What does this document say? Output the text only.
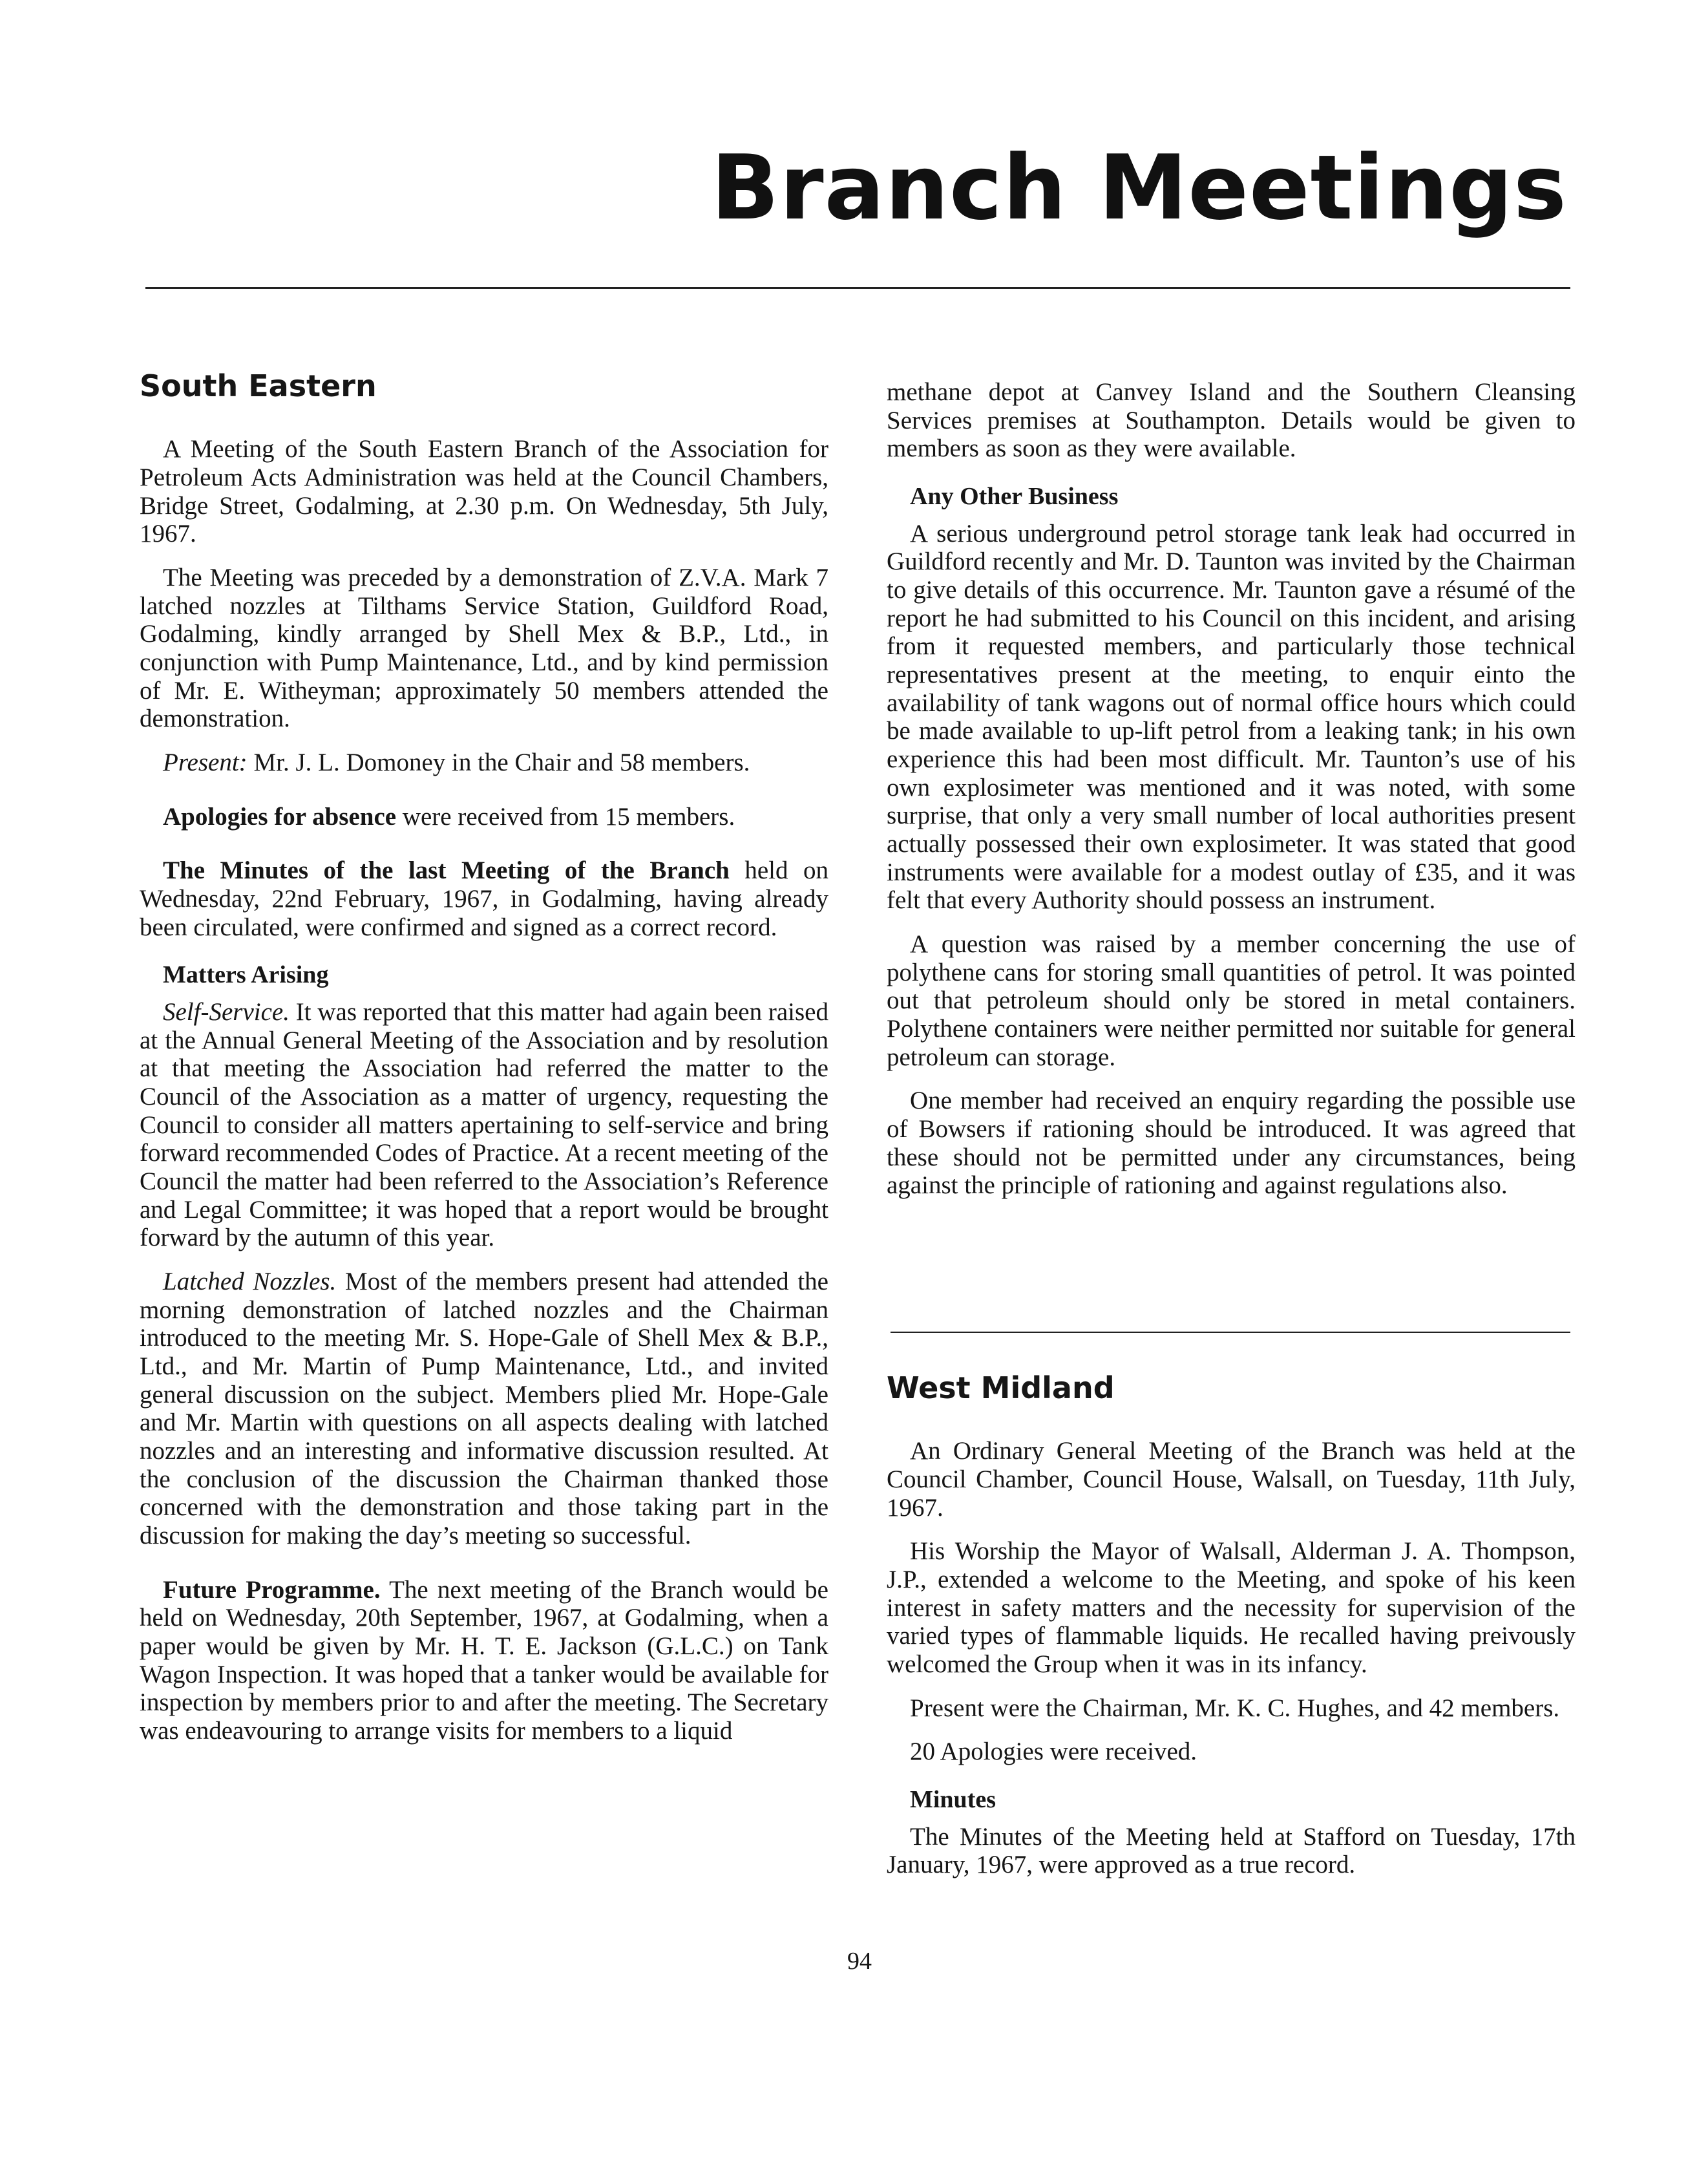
Branch Meetings
South Eastern

A Meeting of the South Eastern Branch of the Association for Petroleum Acts Administration was held at the Council Chambers, Bridge Street, Godalming, at 2.30 p.m. On Wednesday, 5th July, 1967.

The Meeting was preceded by a demonstration of Z.V.A. Mark 7 latched nozzles at Tilthams Service Station, Guildford Road, Godalming, kindly arranged by Shell Mex & B.P., Ltd., in conjunction with Pump Maintenance, Ltd., and by kind permission of Mr. E. Witheyman; approximately 50 members attended the demonstration.

Present: Mr. J. L. Domoney in the Chair and 58 members.

Apologies for absence were received from 15 members.

The Minutes of the last Meeting of the Branch held on Wednesday, 22nd February, 1967, in Godalming, having already been circulated, were confirmed and signed as a correct record.

Matters Arising

Self-Service. It was reported that this matter had again been raised at the Annual General Meeting of the Association and by resolution at that meeting the Association had referred the matter to the Council of the Association as a matter of urgency, requesting the Council to consider all matters apertaining to self-service and bring forward recommended Codes of Practice. At a recent meeting of the Council the matter had been referred to the Association’s Reference and Legal Committee; it was hoped that a report would be brought forward by the autumn of this year.

Latched Nozzles. Most of the members present had attended the morning demonstration of latched nozzles and the Chairman introduced to the meeting Mr. S. Hope-Gale of Shell Mex & B.P., Ltd., and Mr. Martin of Pump Maintenance, Ltd., and invited general discussion on the subject. Members plied Mr. Hope-Gale and Mr. Martin with questions on all aspects dealing with latched nozzles and an interesting and informative discussion resulted. At the conclusion of the discussion the Chairman thanked those concerned with the demonstration and those taking part in the discussion for making the day’s meeting so successful.

Future Programme. The next meeting of the Branch would be held on Wednesday, 20th September, 1967, at Godalming, when a paper would be given by Mr. H. T. E. Jackson (G.L.C.) on Tank Wagon Inspection. It was hoped that a tanker would be available for inspection by members prior to and after the meeting. The Secretary was endeavouring to arrange visits for members to a liquid

methane depot at Canvey Island and the Southern Cleansing Services premises at Southampton. Details would be given to members as soon as they were available.

Any Other Business

A serious underground petrol storage tank leak had occurred in Guildford recently and Mr. D. Taunton was invited by the Chairman to give details of this occurrence. Mr. Taunton gave a résumé of the report he had submitted to his Council on this incident, and arising from it requested members, and particularly those technical representatives present at the meeting, to enquir einto the availability of tank wagons out of normal office hours which could be made available to up-lift petrol from a leaking tank; in his own experience this had been most difficult. Mr. Taunton’s use of his own explosimeter was mentioned and it was noted, with some surprise, that only a very small number of local authorities present actually possessed their own explosimeter. It was stated that good instruments were available for a modest outlay of £35, and it was felt that every Authority should possess an instrument.

A question was raised by a member concerning the use of polythene cans for storing small quantities of petrol. It was pointed out that petroleum should only be stored in metal containers. Polythene containers were neither permitted nor suitable for general petroleum can storage.

One member had received an enquiry regarding the possible use of Bowsers if rationing should be introduced. It was agreed that these should not be permitted under any circumstances, being against the principle of rationing and against regulations also.

West Midland

An Ordinary General Meeting of the Branch was held at the Council Chamber, Council House, Walsall, on Tuesday, 11th July, 1967.

His Worship the Mayor of Walsall, Alderman J. A. Thompson, J.P., extended a welcome to the Meeting, and spoke of his keen interest in safety matters and the necessity for supervision of the varied types of flammable liquids. He recalled having preivously welcomed the Group when it was in its infancy.

Present were the Chairman, Mr. K. C. Hughes, and 42 members.

20 Apologies were received.

Minutes

The Minutes of the Meeting held at Stafford on Tuesday, 17th January, 1967, were approved as a true record.

94
